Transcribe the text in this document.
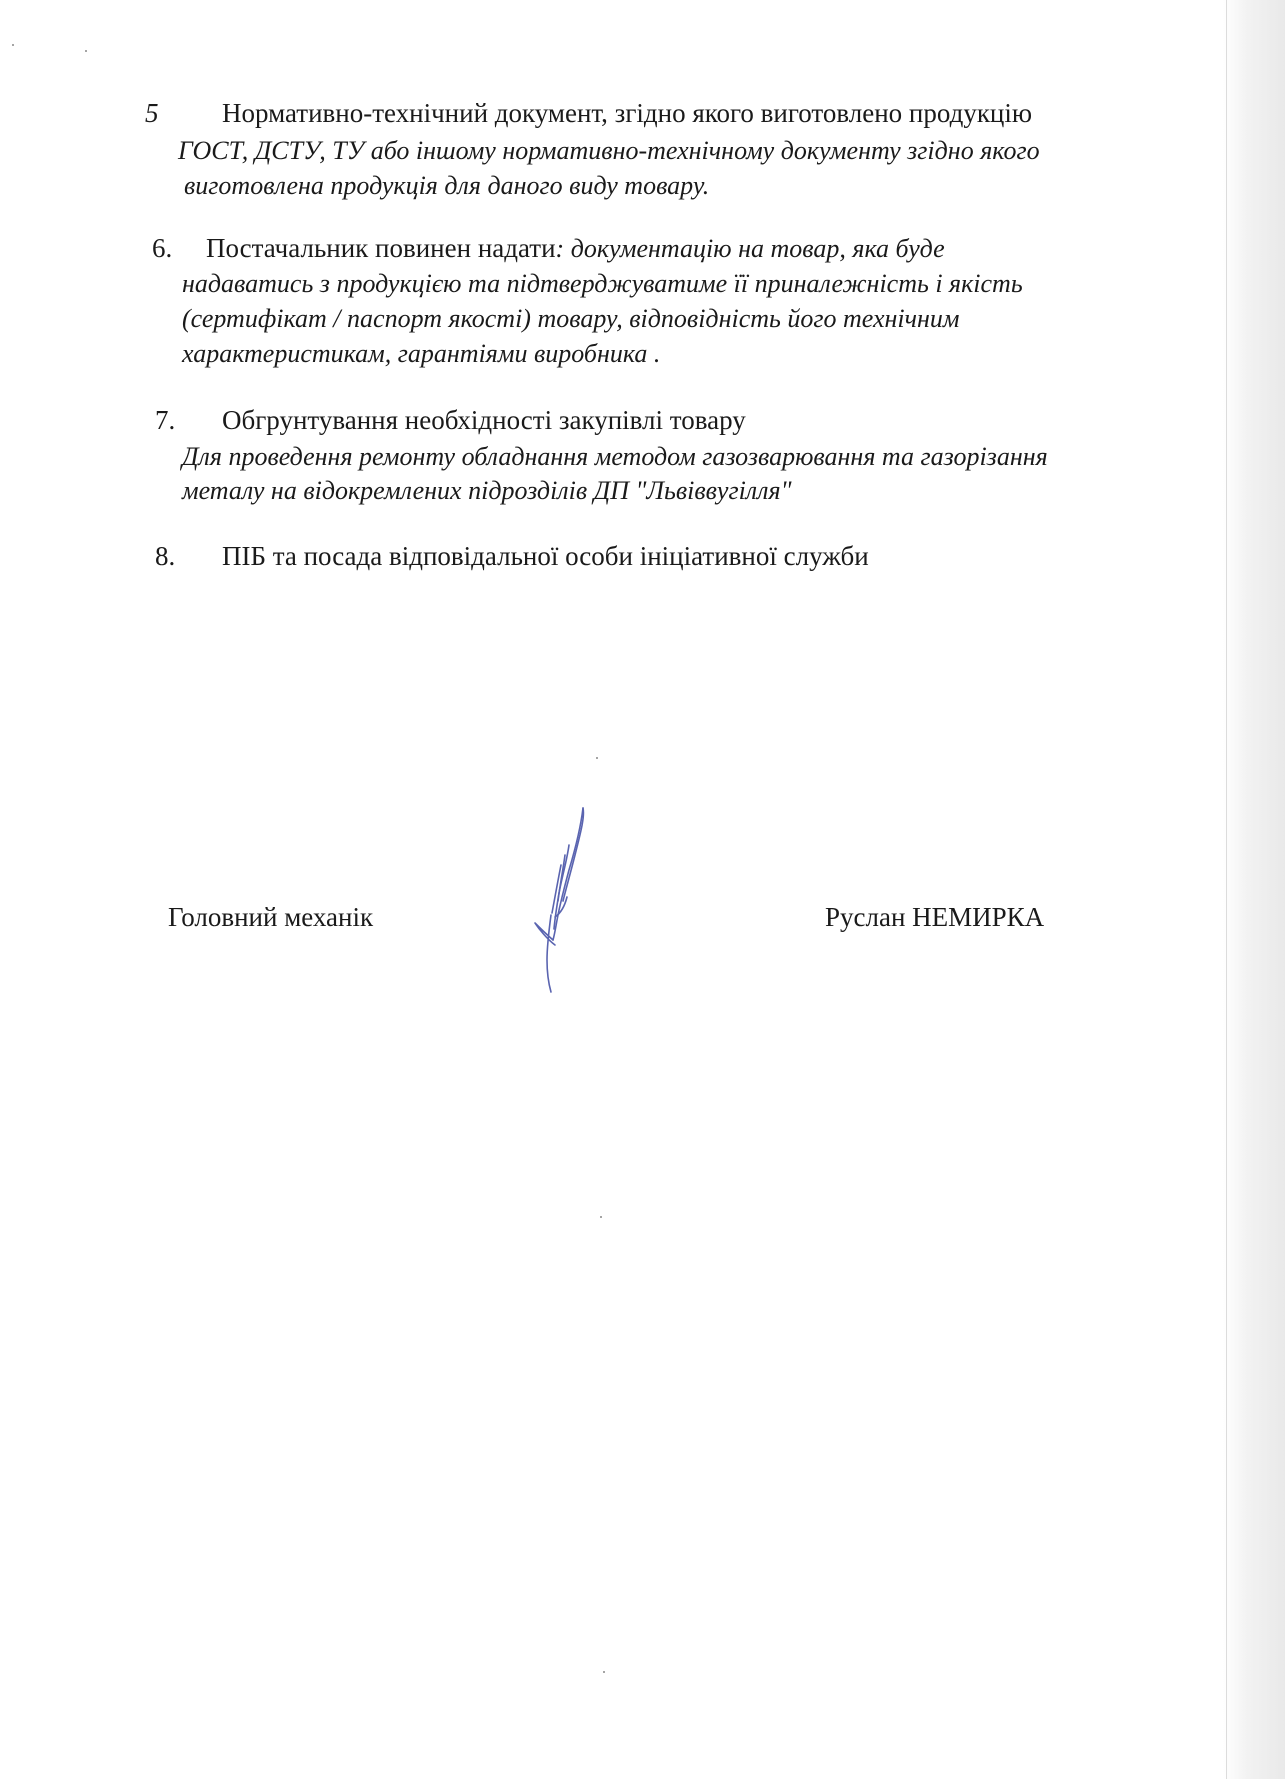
5 Нормативно-технічний документ, згідно якого виготовлено продукцію
ГОСТ, ДСТУ, ТУ або іншому нормативно-технічному документу згідно якого
виготовлена продукція для даного виду товару.
6. Постачальник повинен надати: документацію на товар, яка буде
надаватись з продукцією та підтверджуватиме її приналежність і якість
(сертифікат / паспорт якості) товару, відповідність його технічним
характеристикам, гарантіями виробника .
7. Обгрунтування необхідності закупівлі товару
Для проведення ремонту обладнання методом газозварювання та газорізання
металу на відокремлених підрозділів ДП "Львіввугілля"
8. ПІБ та посада відповідальної особи ініціативної служби
Головний механік	Руслан НЕМИРКА
